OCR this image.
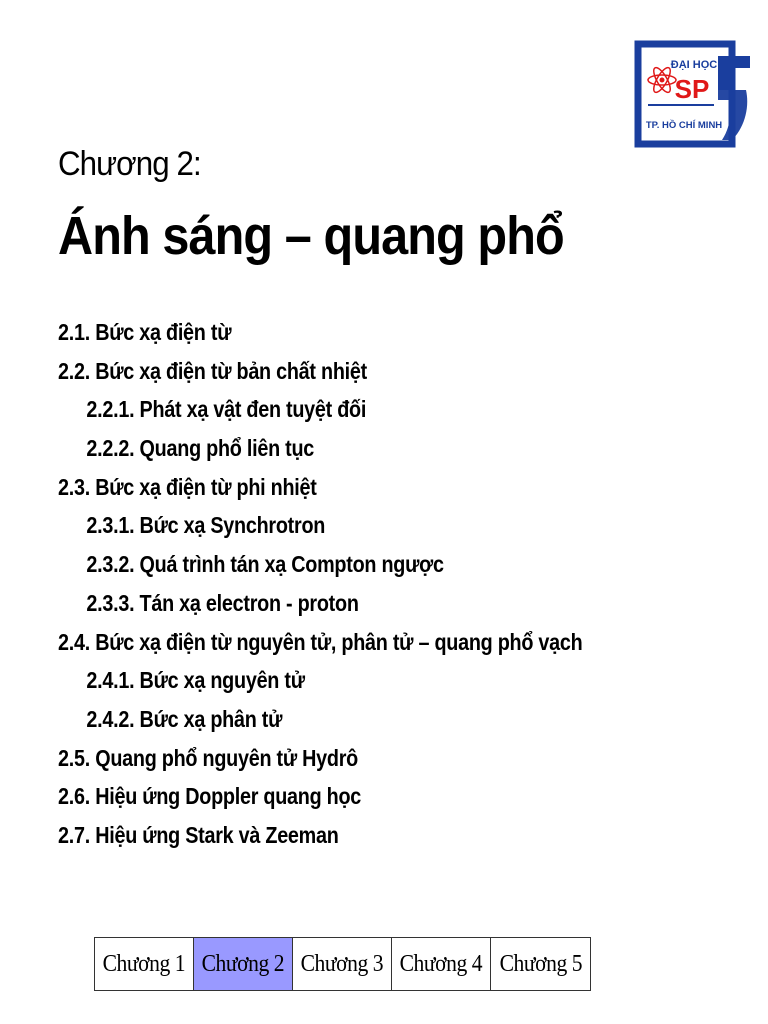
ĐẠI HỌC
SP
TP. HỒ CHÍ MINH
Chương 2:
Ánh sáng – quang phổ
2.1. Bức xạ điện từ
2.2. Bức xạ điện từ bản chất nhiệt
2.2.1. Phát xạ vật đen tuyệt đối
2.2.2. Quang phổ liên tục
2.3. Bức xạ điện từ phi nhiệt
2.3.1. Bức xạ Synchrotron
2.3.2. Quá trình tán xạ Compton ngược
2.3.3. Tán xạ electron - proton
2.4. Bức xạ điện từ nguyên tử, phân tử – quang phổ vạch
2.4.1. Bức xạ nguyên tử
2.4.2. Bức xạ phân tử
2.5. Quang phổ nguyên tử Hydrô
2.6. Hiệu ứng Doppler quang học
2.7. Hiệu ứng Stark và Zeeman
Chương 1 Chương 2 Chương 3 Chương 4 Chương 5
